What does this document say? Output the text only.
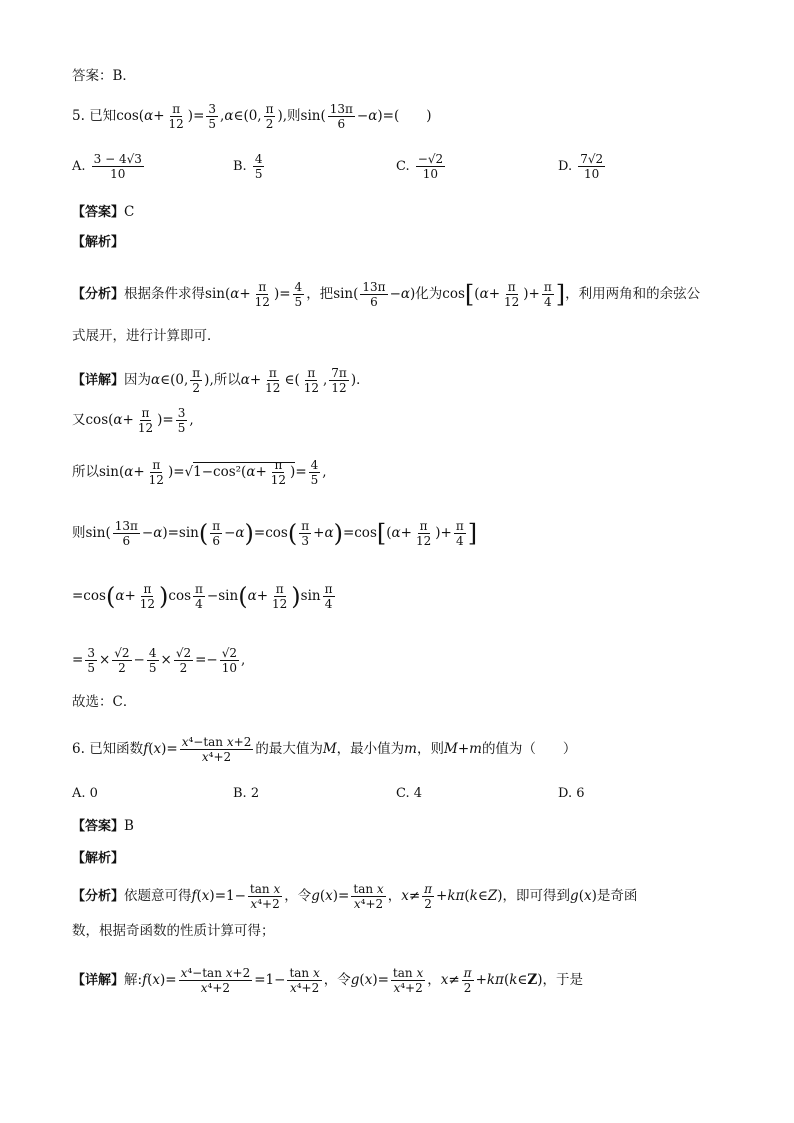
答案：B．
5. 已知$\cos(\alpha+ \frac{\pi}{12}$ )= $\frac{3}{5}$ ,α∈(0, $\frac{\pi}{2}$ ),则$\sin( \frac{13\pi}{6} -\alpha)=$(　　)
A. $\frac{3 - 4√3}{10}$	B. $\frac{4}{5}$	C. $\frac{-√2}{10}$	D. $\frac{7√2}{10}$
【答案】C
【解析】
【分析】根据条件求得$\sin(\alpha+ \frac{\pi}{12}$ )= $\frac{4}{5}$ ，把$\sin( \frac{13\pi}{6} -\alpha)$化为$\cos[(\alpha+ \frac{\pi}{12}$ )+ $\frac{\pi}{4}$ ]，利用两角和的余弦公
式展开，进行计算即可．
【详解】因为α∈(0, $\frac{\pi}{2}$ ),所以$\alpha+ \frac{\pi}{12}$ ∈( $\frac{\pi}{12}$ , $\frac{7\pi}{12}$ )．
又$\cos(\alpha+ \frac{\pi}{12}$ )= $\frac{3}{5}$ ,
所以$\sin(\alpha+ \frac{\pi}{12} )=√1-\cos^2(\alpha+ \frac{\pi}{12}$ )= $\frac{4}{5}$ ,
则$\sin( \frac{13\pi}{6} -\alpha)=\sin( \frac{\pi}{6} -\alpha)=\cos( \frac{\pi}{3} +\alpha)=\cos[(\alpha+ \frac{\pi}{12}$ )+ $\frac{\pi}{4}$ ]
$=\cos(\alpha+ \frac{\pi}{12} )\cos \frac{\pi}{4} -\sin(\alpha+ \frac{\pi}{12} )\sin \frac{\pi}{4}$
= $\frac{3}{5} \times \frac{√2}{2} - \frac{4}{5} \times \frac{√2}{2} =- \frac{√2}{10}$ ,
故选：C．
6. 已知函数$f(x)= \frac{\text{x⁴−tan x+2}}{\text{x⁴+2}}$ 的最大值为M，最小值为m，则M+m的值为（　　）
A. 0	B. 2	C. 4	D. 6
【答案】B
【解析】
【分析】依题意可得$f(x)=1- \frac{\text{tan x}}{\text{x⁴+2}}$ ，令$g(x)= \frac{\text{tan x}}{\text{x⁴+2}}$ ，$x\ne \frac{\pi}{2}$ +kπ(k∈Z)，即可得到g(x)是奇函
数，根据奇函数的性质计算可得；
【详解】解:f(x)= $\frac{\text{x⁴−tan x+2}}{\text{x⁴+2}} =1- \frac{\text{tan x}}{\text{x⁴+2}}$ ，令$g(x)= \frac{\text{tan x}}{\text{x⁴+2}}$ ，$x\ne \frac{\pi}{2}$ +kπ(k∈Z)，于是
